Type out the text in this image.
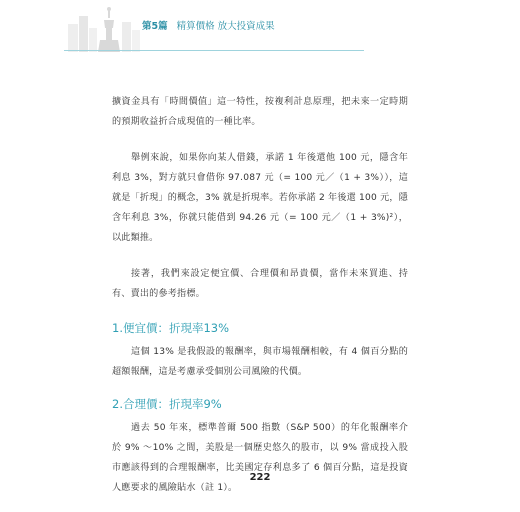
第5篇 精算價格 放大投資成果

擴資金具有「時間價值」這一特性，按複利計息原理，把未來一定時期的預期收益折合成現值的一種比率。

舉例來說，如果你向某人借錢，承諾 1 年後還他 100 元，隱含年利息 3%，對方就只會借你 97.087 元（= 100 元／（1 + 3%）），這就是「折現」的概念，3% 就是折現率。若你承諾 2 年後還 100 元，隱含年利息 3%，你就只能借到 94.26 元（= 100 元／（1 + 3%)²），以此類推。

接著，我們來設定便宜價、合理價和昂貴價，當作未來買進、持有、賣出的參考指標。

1.便宜價：折現率13%

這個 13% 是我假設的報酬率，與市場報酬相較，有 4 個百分點的超額報酬，這是考慮承受個別公司風險的代價。

2.合理價：折現率9%

過去 50 年來，標準普爾 500 指數（S&P 500）的年化報酬率介於 9% ～10% 之間，美股是一個歷史悠久的股市，以 9% 當成投入股市應該得到的合理報酬率，比美國定存利息多了 6 個百分點，這是投資人應要求的風險貼水（註 1）。

222
